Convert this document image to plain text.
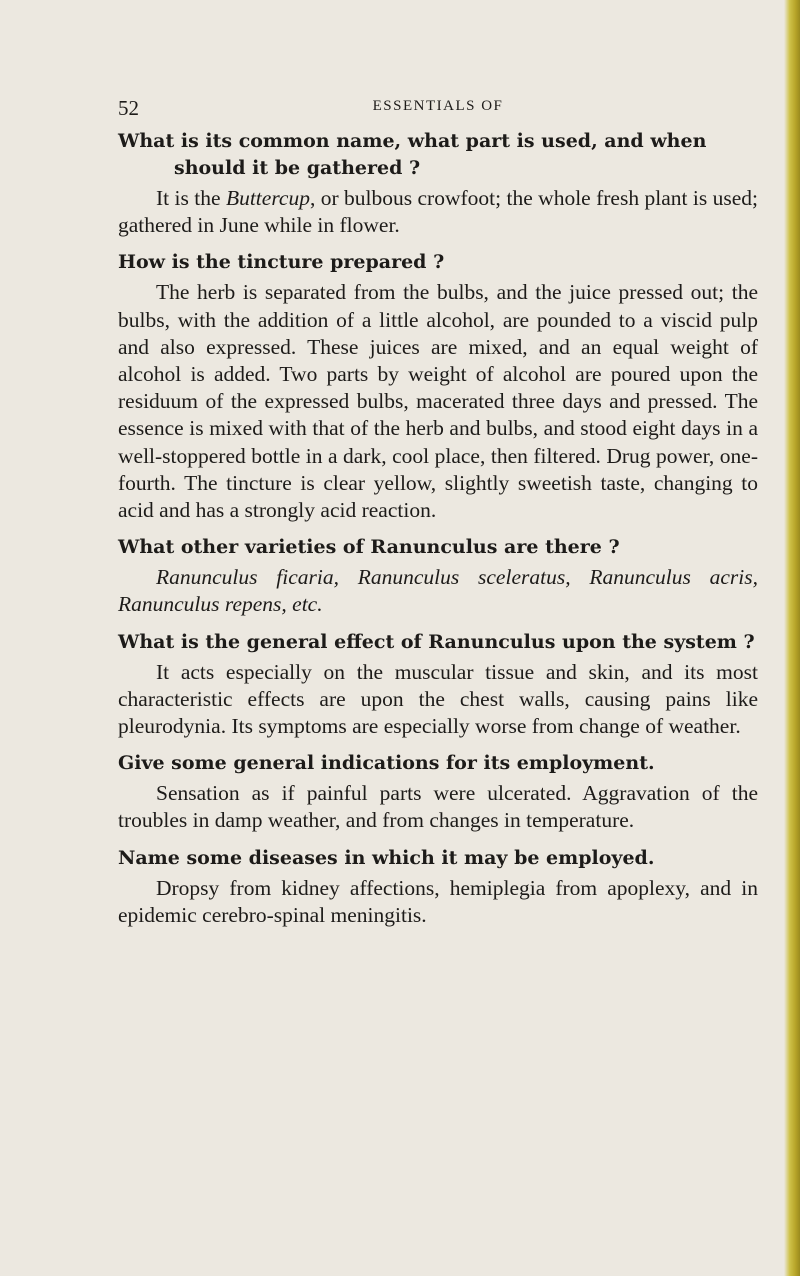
52	ESSENTIALS OF

What is its common name, what part is used, and when
should it be gathered ?

It is the Buttercup, or bulbous crowfoot; the whole fresh plant is used; gathered in June while in flower.

How is the tincture prepared ?

The herb is separated from the bulbs, and the juice pressed out; the bulbs, with the addition of a little alcohol, are pounded to a viscid pulp and also expressed. These juices are mixed, and an equal weight of alcohol is added. Two parts by weight of alcohol are poured upon the residuum of the expressed bulbs, macerated three days and pressed. The essence is mixed with that of the herb and bulbs, and stood eight days in a well-stoppered bottle in a dark, cool place, then filtered. Drug power, one-fourth. The tincture is clear yellow, slightly sweetish taste, changing to acid and has a strongly acid reaction.

What other varieties of Ranunculus are there ?

Ranunculus ficaria, Ranunculus sceleratus, Ranunculus acris, Ranunculus repens, etc.

What is the general effect of Ranunculus upon the system ?

It acts especially on the muscular tissue and skin, and its most characteristic effects are upon the chest walls, causing pains like pleurodynia. Its symptoms are especially worse from change of weather.

Give some general indications for its employment.

Sensation as if painful parts were ulcerated. Aggravation of the troubles in damp weather, and from changes in temperature.

Name some diseases in which it may be employed.

Dropsy from kidney affections, hemiplegia from apoplexy, and in epidemic cerebro-spinal meningitis.
